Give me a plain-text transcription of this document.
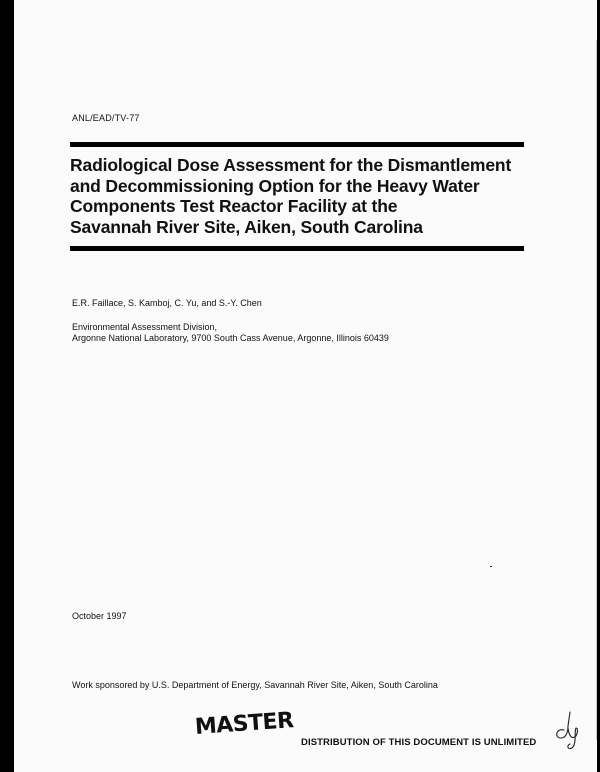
ANL/EAD/TV-77
Radiological Dose Assessment for the Dismantlement
and Decommissioning Option for the Heavy Water
Components Test Reactor Facility at the
Savannah River Site, Aiken, South Carolina
E.R. Faillace, S. Kamboj, C. Yu, and S.-Y. Chen
Environmental Assessment Division,
Argonne National Laboratory, 9700 South Cass Avenue, Argonne, Illinois 60439
October 1997
Work sponsored by U.S. Department of Energy, Savannah River Site, Aiken, South Carolina
MASTER
DISTRIBUTION OF THIS DOCUMENT IS UNLIMITED
